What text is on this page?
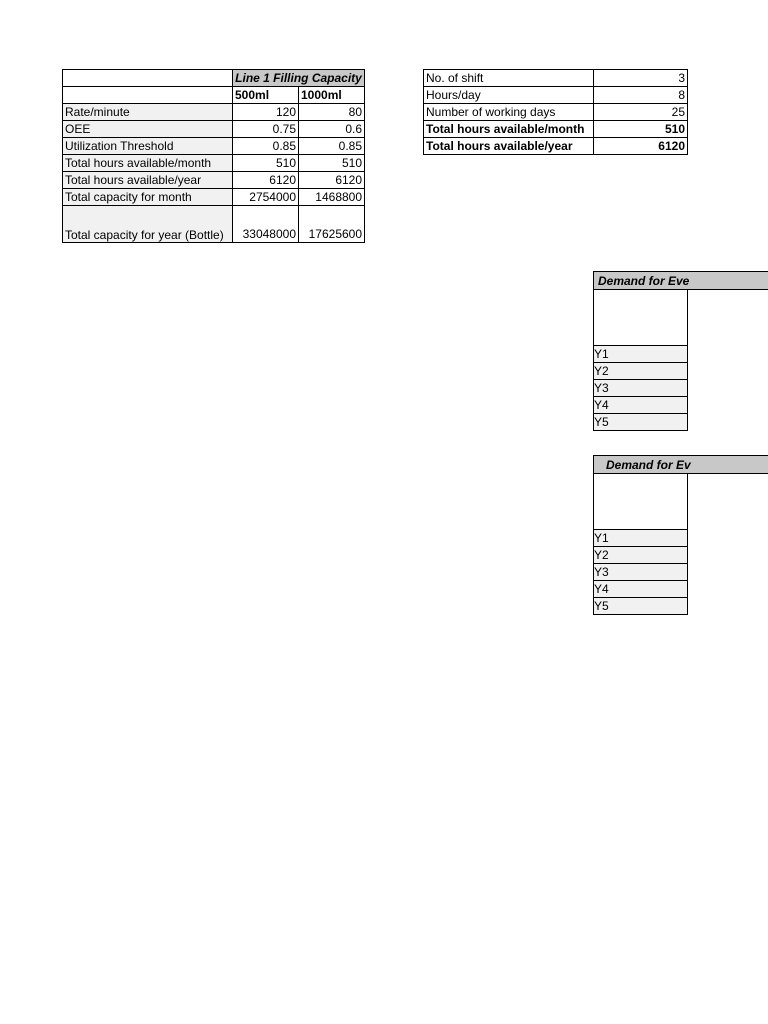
	Line 1 Filling Capacity	
	500ml	1000ml
Rate/minute	120	80
OEE	0.75	0.6
Utilization Threshold	0.85	0.85
Total hours available/month	510	510
Total hours available/year	6120	6120
Total capacity for month	2754000	1468800
Total capacity for year (Bottle)	33048000	17625600
No. of shift	3
Hours/day	8
Number of working days	25
Total hours available/month	510
Total hours available/year	6120
Demand for Eve

Y1
Y2
Y3
Y4
Y5
Demand for Ev

Y1
Y2
Y3
Y4
Y5
